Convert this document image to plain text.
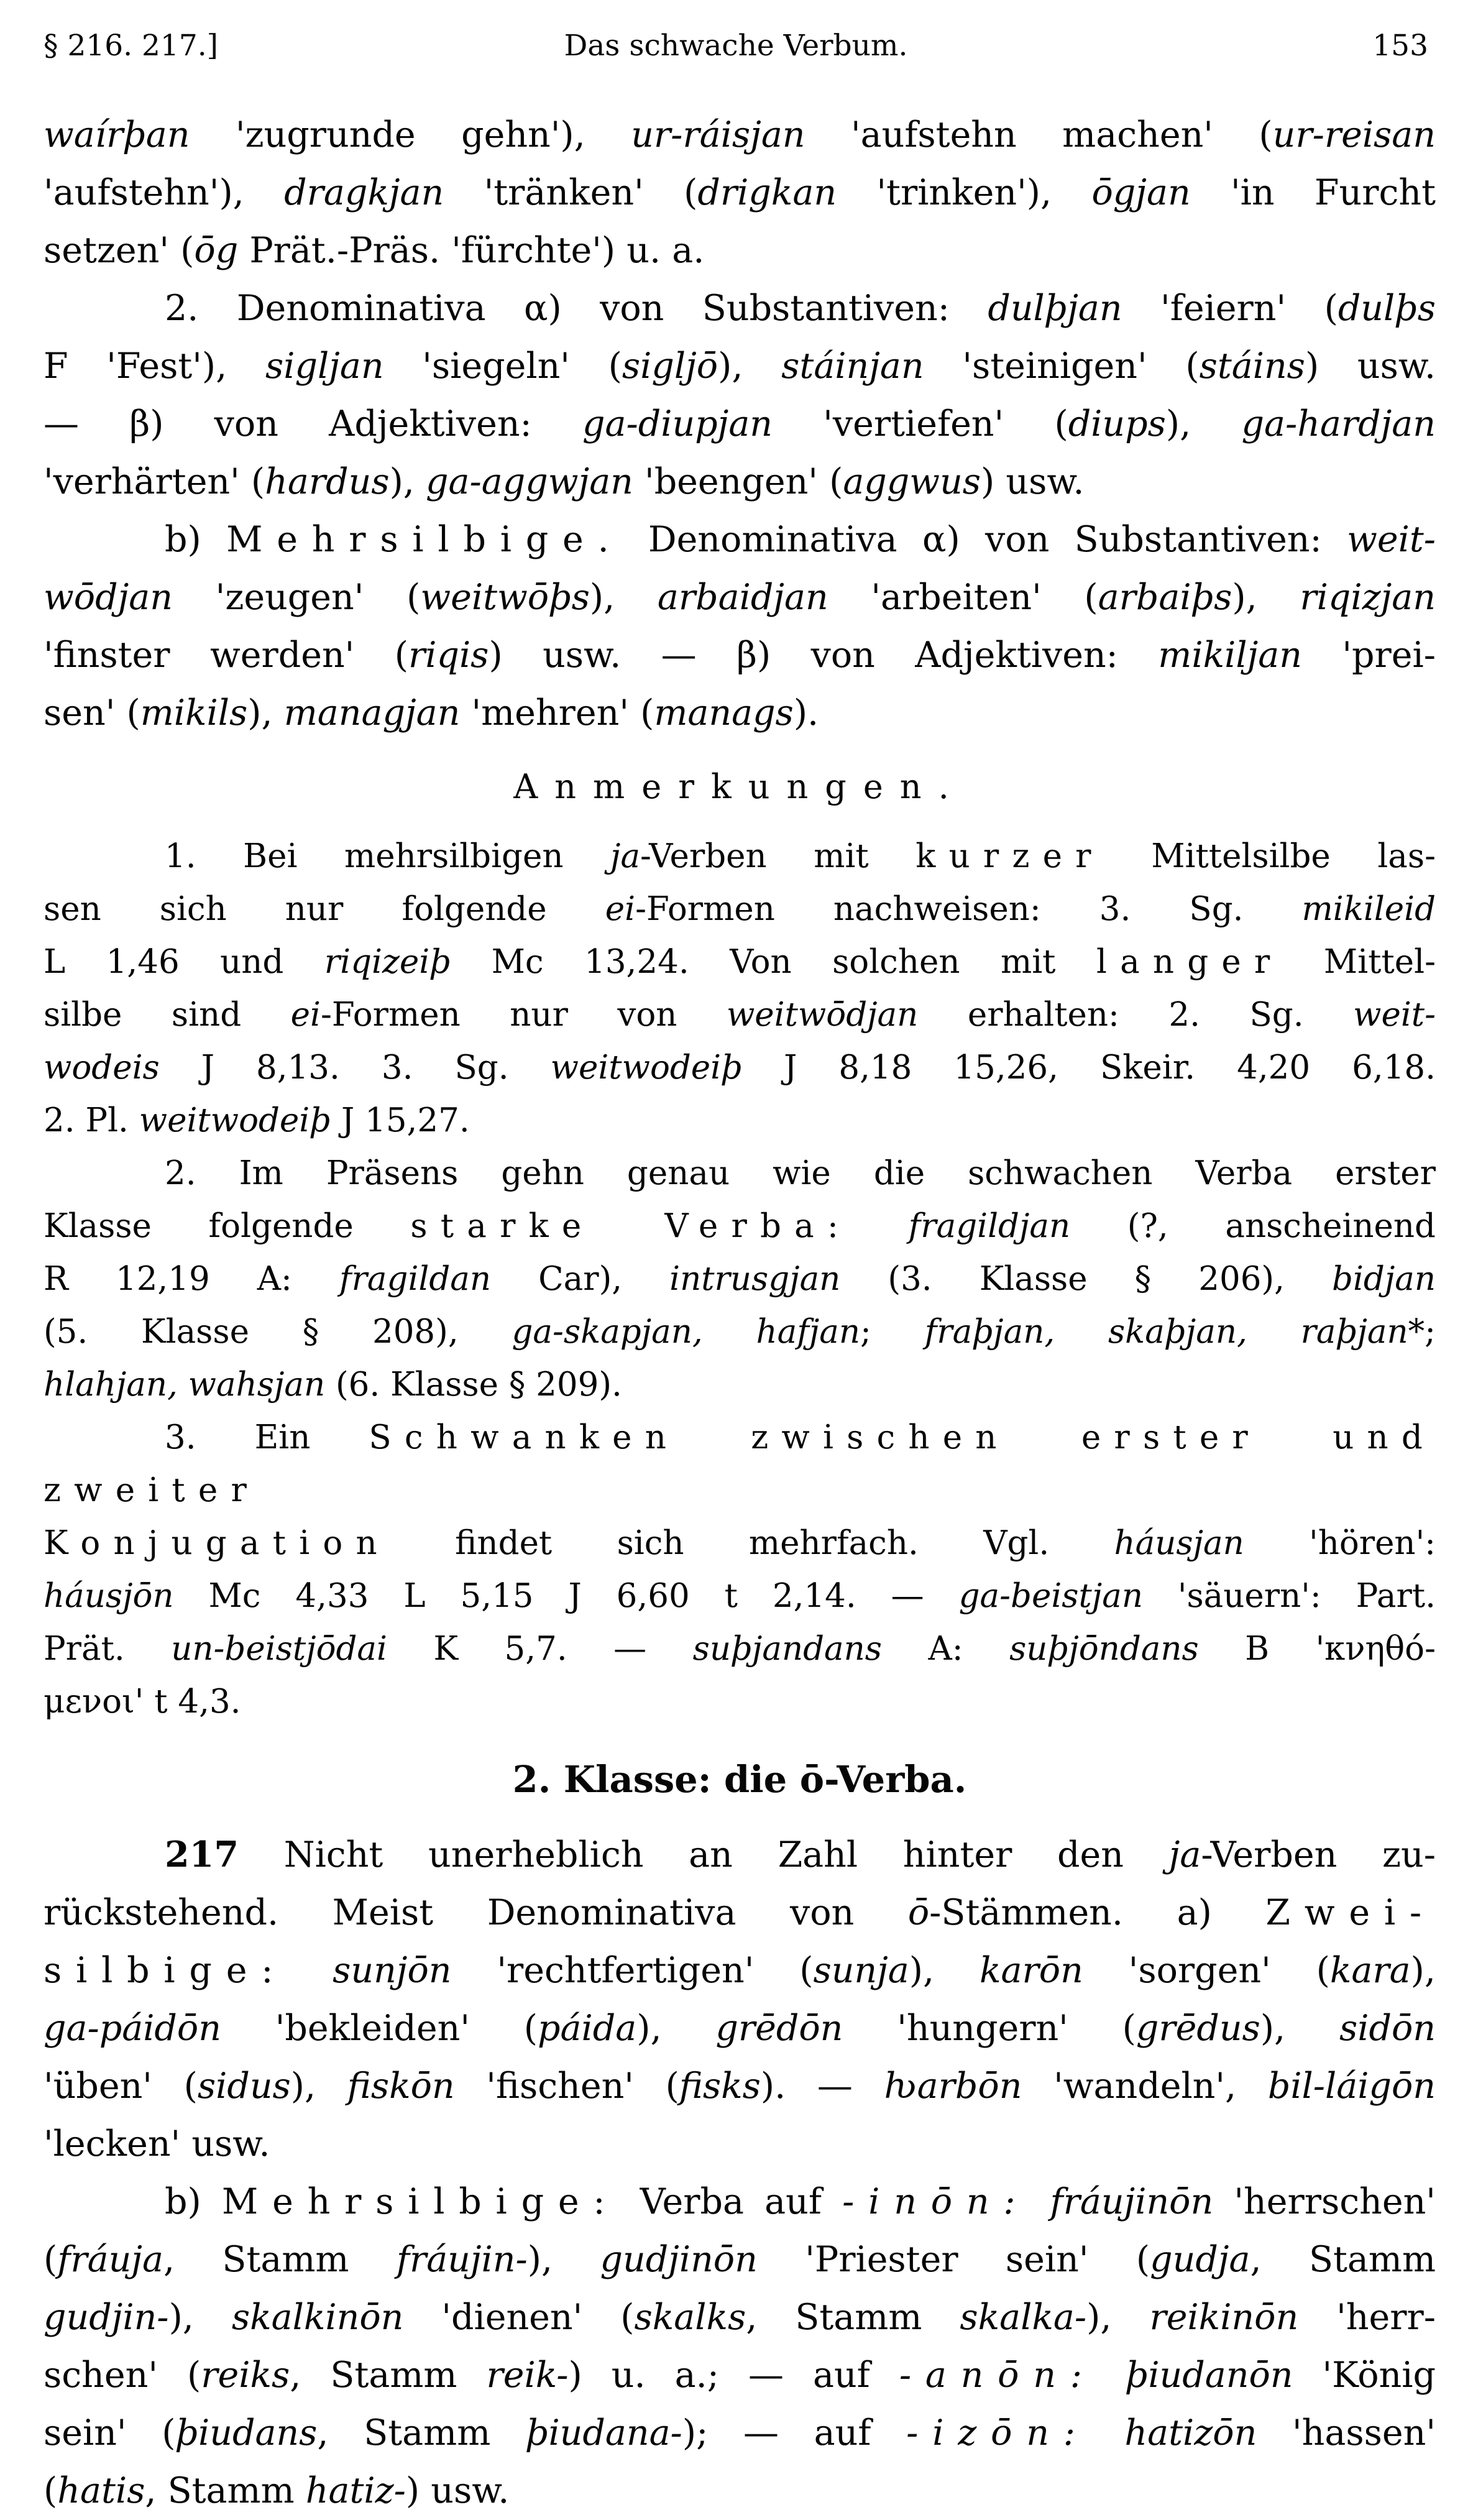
§ 216. 217.]	Das schwache Verbum.	153
waírþan 'zugrunde gehn'), ur-ráisjan 'aufstehn machen' (ur-reisan
'aufstehn'), dragkjan 'tränken' (drigkan 'trinken'), ōgjan 'in Furcht
setzen' (ōg Prät.-Präs. 'fürchte') u. a.
2. Denominativa α) von Substantiven: dulþjan 'feiern' (dulþs
F 'Fest'), sigljan 'siegeln' (sigljō), stáinjan 'steinigen' (stáins) usw.
— β) von Adjektiven: ga-diupjan 'vertiefen' (diups), ga-hardjan
'verhärten' (hardus), ga-aggwjan 'beengen' (aggwus) usw.
b) Mehrsilbige. Denominativa α) von Substantiven: weit-
wōdjan 'zeugen' (weitwōþs), arbaidjan 'arbeiten' (arbaiþs), riqizjan
'finster werden' (riqis) usw. — β) von Adjektiven: mikiljan 'prei-
sen' (mikils), managjan 'mehren' (manags).
Anmerkungen.
1. Bei mehrsilbigen ja-Verben mit kurzer Mittelsilbe las-
sen sich nur folgende ei-Formen nachweisen: 3. Sg. mikileid
L 1,46 und riqizeiþ Mc 13,24. Von solchen mit langer Mittel-
silbe sind ei-Formen nur von weitwōdjan erhalten: 2. Sg. weit-
wodeis J 8,13. 3. Sg. weitwodeiþ J 8,18 15,26, Skeir. 4,20 6,18.
2. Pl. weitwodeiþ J 15,27.
2. Im Präsens gehn genau wie die schwachen Verba erster
Klasse folgende starke Verba: fragildjan (?, anscheinend
R 12,19 A: fragildan Car), intrusgjan (3. Klasse § 206), bidjan
(5. Klasse § 208), ga-skapjan, hafjan; fraþjan, skaþjan, raþjan*;
hlahjan, wahsjan (6. Klasse § 209).
3. Ein Schwanken zwischen erster und zweiter
Konjugation findet sich mehrfach. Vgl. háusjan 'hören':
háusjōn Mc 4,33 L 5,15 J 6,60 t 2,14. — ga-beistjan 'säuern': Part.
Prät. un-beistjōdai K 5,7. — suþjandans A: suþjōndans B 'κνηθό-
μενοι' t 4,3.
2. Klasse: die ō-Verba.
217 Nicht unerheblich an Zahl hinter den ja-Verben zu-
rückstehend. Meist Denominativa von ō-Stämmen. a) Zwei-
silbige: sunjōn 'rechtfertigen' (sunja), karōn 'sorgen' (kara),
ga-páidōn 'bekleiden' (páida), grēdōn 'hungern' (grēdus), sidōn
'üben' (sidus), fiskōn 'fischen' (fisks). — ƕarbōn 'wandeln', bil-láigōn
'lecken' usw.
b) Mehrsilbige: Verba auf -inōn: fráujinōn 'herrschen'
(fráuja, Stamm fráujin-), gudjinōn 'Priester sein' (gudja, Stamm
gudjin-), skalkinōn 'dienen' (skalks, Stamm skalka-), reikinōn 'herr-
schen' (reiks, Stamm reik-) u. a.; — auf -anōn: þiudanōn 'König
sein' (þiudans, Stamm þiudana-); — auf -izōn: hatizōn 'hassen'
(hatis, Stamm hatiz-) usw.
